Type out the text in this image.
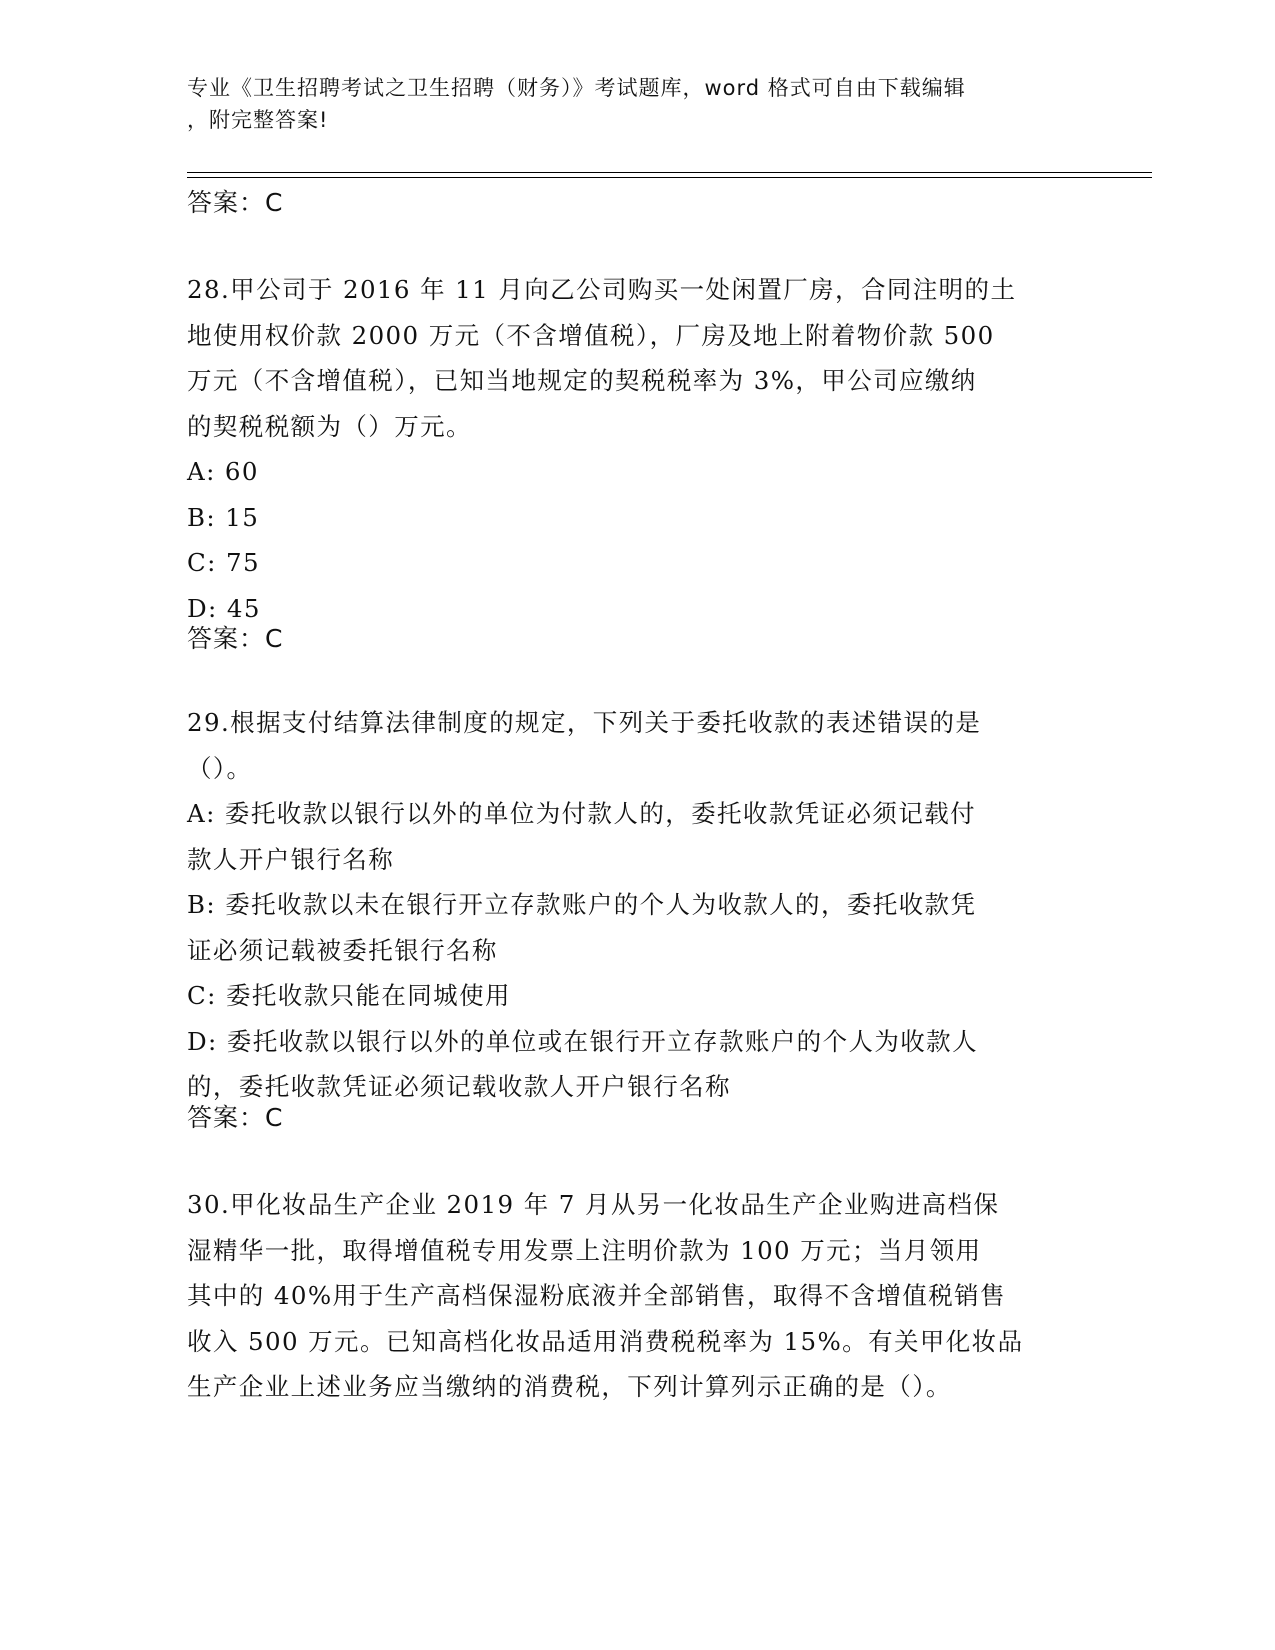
专业《卫生招聘考试之卫生招聘（财务）》考试题库，word 格式可自由下载编辑
，附完整答案!
答案：C
28.甲公司于 2016 年 11 月向乙公司购买一处闲置厂房，合同注明的土
地使用权价款 2000 万元（不含增值税），厂房及地上附着物价款 500
万元（不含增值税），已知当地规定的契税税率为 3%，甲公司应缴纳
的契税税额为（）万元。
A: 60
B: 15
C: 75
D: 45
答案：C
29.根据支付结算法律制度的规定，下列关于委托收款的表述错误的是
（）。
A: 委托收款以银行以外的单位为付款人的，委托收款凭证必须记载付
款人开户银行名称
B: 委托收款以未在银行开立存款账户的个人为收款人的，委托收款凭
证必须记载被委托银行名称
C: 委托收款只能在同城使用
D: 委托收款以银行以外的单位或在银行开立存款账户的个人为收款人
的，委托收款凭证必须记载收款人开户银行名称
答案：C
30.甲化妆品生产企业 2019 年 7 月从另一化妆品生产企业购进高档保
湿精华一批，取得增值税专用发票上注明价款为 100 万元；当月领用
其中的 40%用于生产高档保湿粉底液并全部销售，取得不含增值税销售
收入 500 万元。已知高档化妆品适用消费税税率为 15%。有关甲化妆品
生产企业上述业务应当缴纳的消费税，下列计算列示正确的是（）。
